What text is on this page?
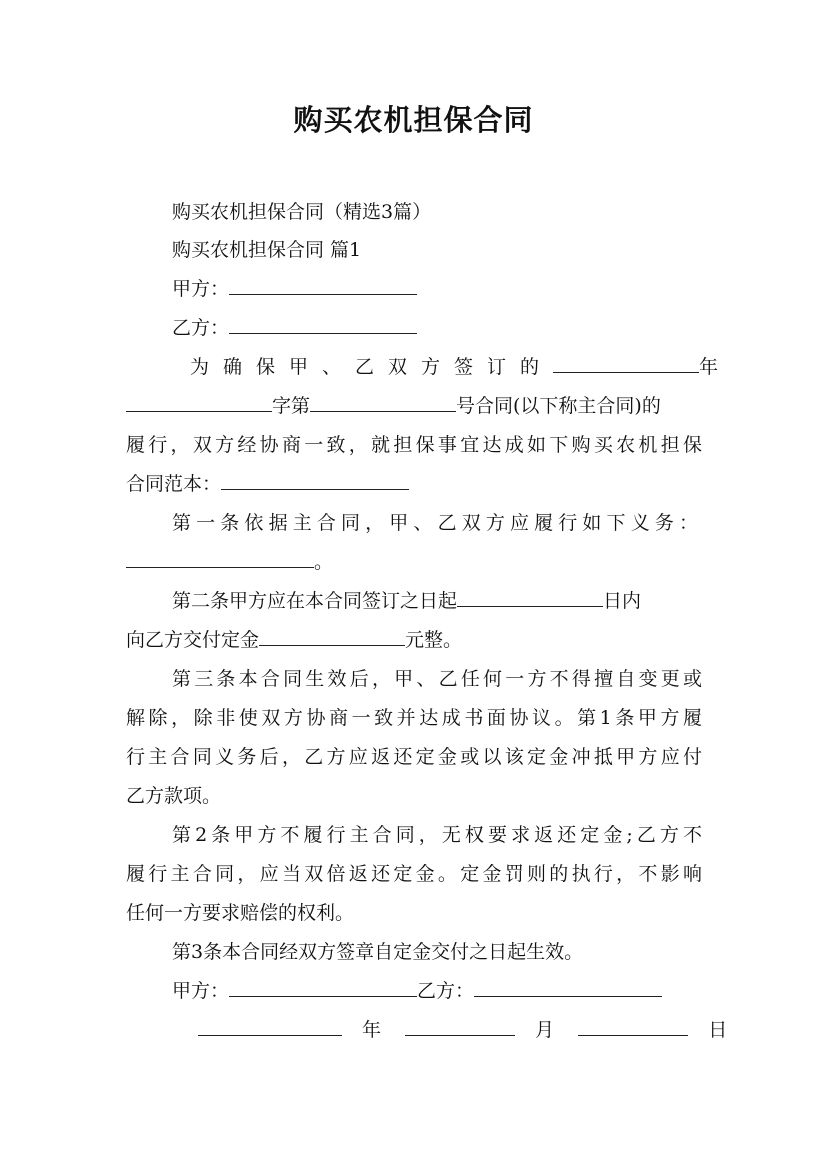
购买农机担保合同

购买农机担保合同（精选3篇）

购买农机担保合同 篇1

甲方：

乙方：

为确保甲、乙双方签订的	年

字第	号合同(以下称主合同)的

履行，双方经协商一致，就担保事宜达成如下购买农机担保

合同范本：

第一条依据主合同，甲、乙双方应履行如下义务：

。

第二条甲方应在本合同签订之日起	日内

向乙方交付定金	元整。

第三条本合同生效后，甲、乙任何一方不得擅自变更或

解除，除非使双方协商一致并达成书面协议。第1条甲方履

行主合同义务后，乙方应返还定金或以该定金冲抵甲方应付

乙方款项。

第2条甲方不履行主合同，无权要求返还定金;乙方不

履行主合同，应当双倍返还定金。定金罚则的执行，不影响

任何一方要求赔偿的权利。

第3条本合同经双方签章自定金交付之日起生效。

甲方：	乙方：

年	月	日
